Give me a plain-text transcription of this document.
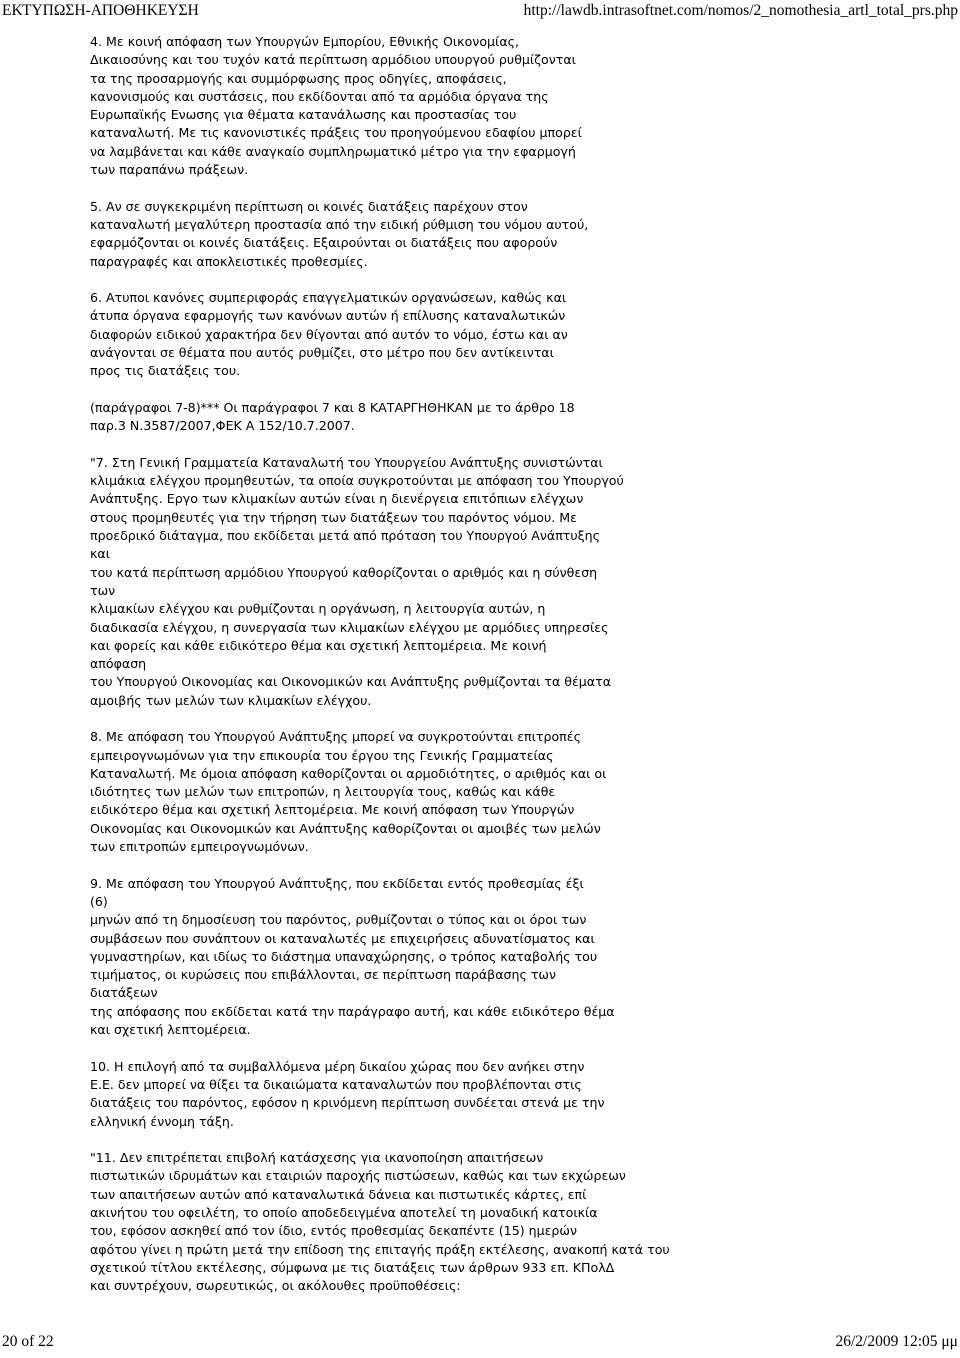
ΕΚΤΥΠΩΣΗ-ΑΠΟΘΗΚΕΥΣΗ	http://lawdb.intrasoftnet.com/nomos/2_nomothesia_artl_total_prs.php

4. Με κοινή απόφαση των Υπουργών Εμπορίου, Εθνικής Οικονομίας,
Δικαιοσύνης και του τυχόν κατά περίπτωση αρμόδιου υπουργού ρυθμίζονται
τα της προσαρμογής και συμμόρφωσης προς οδηγίες, αποφάσεις,
κανονισμούς και συστάσεις, που εκδίδονται από τα αρμόδια όργανα της
Ευρωπαϊκής Ενωσης για θέματα κατανάλωσης και προστασίας του
καταναλωτή. Με τις κανονιστικές πράξεις του προηγούμενου εδαφίου μπορεί
να λαμβάνεται και κάθε αναγκαίο συμπληρωματικό μέτρο για την εφαρμογή
των παραπάνω πράξεων.

5. Αν σε συγκεκριμένη περίπτωση οι κοινές διατάξεις παρέχουν στον
καταναλωτή μεγαλύτερη προστασία από την ειδική ρύθμιση του νόμου αυτού,
εφαρμόζονται οι κοινές διατάξεις. Εξαιρούνται οι διατάξεις που αφορούν
παραγραφές και αποκλειστικές προθεσμίες.

6. Ατυποι κανόνες συμπεριφοράς επαγγελματικών οργανώσεων, καθώς και
άτυπα όργανα εφαρμογής των κανόνων αυτών ή επίλυσης καταναλωτικών
διαφορών ειδικού χαρακτήρα δεν θίγονται από αυτόν το νόμο, έστω και αν
ανάγονται σε θέματα που αυτός ρυθμίζει, στο μέτρο που δεν αντίκεινται
προς τις διατάξεις του.

(παράγραφοι 7-8)*** Οι παράγραφοι 7 και 8 ΚΑΤΑΡΓΗΘΗΚΑΝ με το άρθρο 18
παρ.3 Ν.3587/2007,ΦΕΚ Α 152/10.7.2007.

"7. Στη Γενική Γραμματεία Καταναλωτή του Υπουργείου Ανάπτυξης συνιστώνται
κλιμάκια ελέγχου προμηθευτών, τα οποία συγκροτούνται με απόφαση του Υπουργού
Ανάπτυξης. Εργο των κλιμακίων αυτών είναι η διενέργεια επιτόπιων ελέγχων
στους προμηθευτές για την τήρηση των διατάξεων του παρόντος νόμου. Με
προεδρικό διάταγμα, που εκδίδεται μετά από πρόταση του Υπουργού Ανάπτυξης
και
του κατά περίπτωση αρμόδιου Υπουργού καθορίζονται ο αριθμός και η σύνθεση
των
κλιμακίων ελέγχου και ρυθμίζονται η οργάνωση, η λειτουργία αυτών, η
διαδικασία ελέγχου, η συνεργασία των κλιμακίων ελέγχου με αρμόδιες υπηρεσίες
και φορείς και κάθε ειδικότερο θέμα και σχετική λεπτομέρεια. Με κοινή
απόφαση
του Υπουργού Οικονομίας και Οικονομικών και Ανάπτυξης ρυθμίζονται τα θέματα
αμοιβής των μελών των κλιμακίων ελέγχου.

8. Με απόφαση του Υπουργού Ανάπτυξης μπορεί να συγκροτούνται επιτροπές
εμπειρογνωμόνων για την επικουρία του έργου της Γενικής Γραμματείας
Καταναλωτή. Με όμοια απόφαση καθορίζονται οι αρμοδιότητες, ο αριθμός και οι
ιδιότητες των μελών των επιτροπών, η λειτουργία τους, καθώς και κάθε
ειδικότερο θέμα και σχετική λεπτομέρεια. Με κοινή απόφαση των Υπουργών
Οικονομίας και Οικονομικών και Ανάπτυξης καθορίζονται οι αμοιβές των μελών
των επιτροπών εμπειρογνωμόνων.

9. Με απόφαση του Υπουργού Ανάπτυξης, που εκδίδεται εντός προθεσμίας έξι
(6)
μηνών από τη δημοσίευση του παρόντος, ρυθμίζονται ο τύπος και οι όροι των
συμβάσεων που συνάπτουν οι καταναλωτές με επιχειρήσεις αδυνατίσματος και
γυμναστηρίων, και ιδίως το διάστημα υπαναχώρησης, ο τρόπος καταβολής του
τιμήματος, οι κυρώσεις που επιβάλλονται, σε περίπτωση παράβασης των
διατάξεων
της απόφασης που εκδίδεται κατά την παράγραφο αυτή, και κάθε ειδικότερο θέμα
και σχετική λεπτομέρεια.

10. Η επιλογή από τα συμβαλλόμενα μέρη δικαίου χώρας που δεν ανήκει στην
Ε.Ε. δεν μπορεί να θίξει τα δικαιώματα καταναλωτών που προβλέπονται στις
διατάξεις του παρόντος, εφόσον η κρινόμενη περίπτωση συνδέεται στενά με την
ελληνική έννομη τάξη.

"11. Δεν επιτρέπεται επιβολή κατάσχεσης για ικανοποίηση απαιτήσεων
πιστωτικών ιδρυμάτων και εταιριών παροχής πιστώσεων, καθώς και των εκχώρεων
των απαιτήσεων αυτών από καταναλωτικά δάνεια και πιστωτικές κάρτες, επί
ακινήτου του οφειλέτη, το οποίο αποδεδειγμένα αποτελεί τη μοναδική κατοικία
του, εφόσον ασκηθεί από τον ίδιο, εντός προθεσμίας δεκαπέντε (15) ημερών
αφότου γίνει η πρώτη μετά την επίδοση της επιταγής πράξη εκτέλεσης, ανακοπή κατά του
σχετικού τίτλου εκτέλεσης, σύμφωνα με τις διατάξεις των άρθρων 933 επ. ΚΠολΔ
και συντρέχουν, σωρευτικώς, οι ακόλουθες προϋποθέσεις:

20 of 22	26/2/2009 12:05 μμ
